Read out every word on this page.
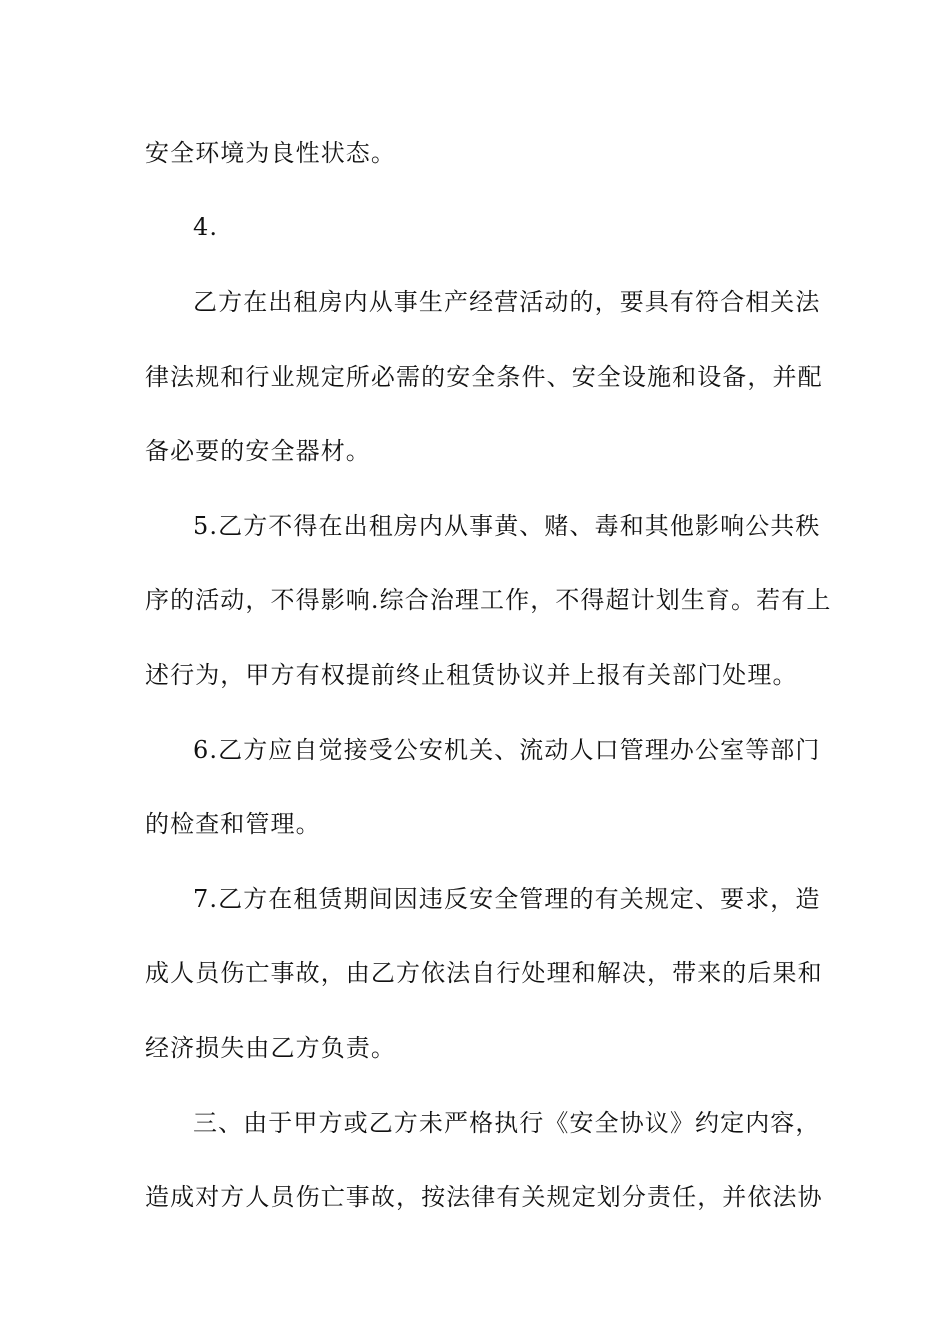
安全环境为良性状态。
4.
乙方在出租房内从事生产经营活动的，要具有符合相关法
律法规和行业规定所必需的安全条件、安全设施和设备，并配
备必要的安全器材。
5.乙方不得在出租房内从事黄、赌、毒和其他影响公共秩
序的活动，不得影响.综合治理工作，不得超计划生育。若有上
述行为，甲方有权提前终止租赁协议并上报有关部门处理。
6.乙方应自觉接受公安机关、流动人口管理办公室等部门
的检查和管理。
7.乙方在租赁期间因违反安全管理的有关规定、要求，造
成人员伤亡事故，由乙方依法自行处理和解决，带来的后果和
经济损失由乙方负责。
三、由于甲方或乙方未严格执行《安全协议》约定内容，
造成对方人员伤亡事故，按法律有关规定划分责任，并依法协
